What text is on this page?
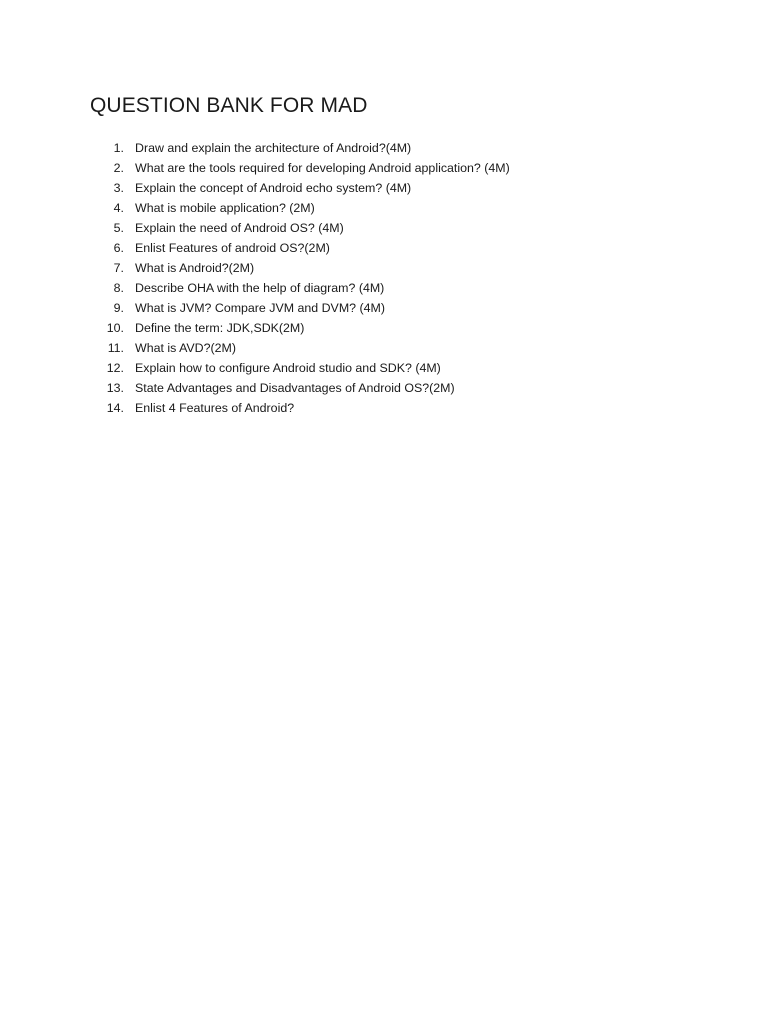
QUESTION BANK FOR MAD
1. Draw and explain the architecture of Android?(4M)
2. What are the tools required for developing Android application? (4M)
3. Explain the concept of Android echo system? (4M)
4. What is mobile application? (2M)
5. Explain the need of Android OS? (4M)
6. Enlist Features of android OS?(2M)
7. What is Android?(2M)
8. Describe OHA with the help of diagram? (4M)
9. What is JVM? Compare JVM and DVM? (4M)
10. Define the term: JDK,SDK(2M)
11. What is AVD?(2M)
12. Explain how to configure Android studio and SDK? (4M)
13. State Advantages and Disadvantages of Android OS?(2M)
14. Enlist 4 Features of Android?
